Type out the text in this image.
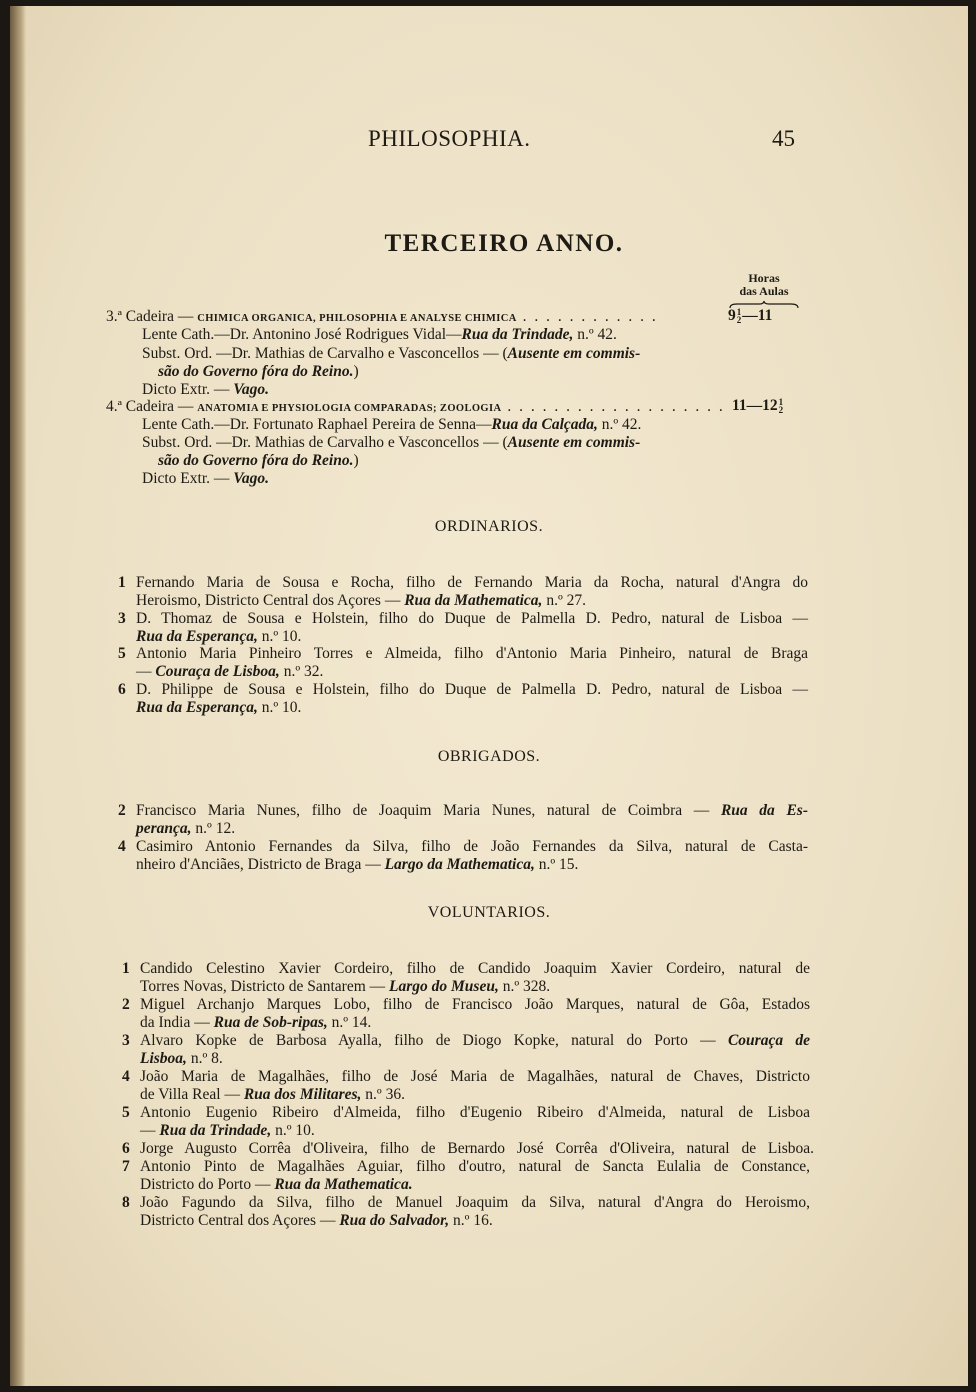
PHILOSOPHIA.	45
TERCEIRO ANNO.
Horas
das Aulas
3.ª Cadeira — CHIMICA ORGANICA, PHILOSOPHIA E ANALYSE CHIMICA . . . . . . . . . . . .	9 1
2 —11
Lente Cath.—Dr. Antonino José Rodrigues Vidal—Rua da Trindade, n.º 42.
Subst. Ord. —Dr. Mathias de Carvalho e Vasconcellos — (Ausente em commis-
são do Governo fóra do Reino.)
Dicto Extr. — Vago.
4.ª Cadeira — ANATOMIA E PHYSIOLOGIA COMPARADAS; ZOOLOGIA . . . . . . . . . . . . . . . . . . . 11—12 1
2
Lente Cath.—Dr. Fortunato Raphael Pereira de Senna—Rua da Calçada, n.º 42.
Subst. Ord. —Dr. Mathias de Carvalho e Vasconcellos — (Ausente em commis-
são do Governo fóra do Reino.)
Dicto Extr. — Vago.
ORDINARIOS.
1 Fernando Maria de Sousa e Rocha, filho de Fernando Maria da Rocha, natural d'Angra do
Heroismo, Districto Central dos Açores — Rua da Mathematica, n.º 27.
3 D. Thomaz de Sousa e Holstein, filho do Duque de Palmella D. Pedro, natural de Lisboa —
Rua da Esperança, n.º 10.
5 Antonio Maria Pinheiro Torres e Almeida, filho d'Antonio Maria Pinheiro, natural de Braga
— Couraça de Lisboa, n.º 32.
6 D. Philippe de Sousa e Holstein, filho do Duque de Palmella D. Pedro, natural de Lisboa —
Rua da Esperança, n.º 10.
OBRIGADOS.
2 Francisco Maria Nunes, filho de Joaquim Maria Nunes, natural de Coimbra — Rua da Es-
perança, n.º 12.
4 Casimiro Antonio Fernandes da Silva, filho de João Fernandes da Silva, natural de Casta-
nheiro d'Anciães, Districto de Braga — Largo da Mathematica, n.º 15.
VOLUNTARIOS.
1 Candido Celestino Xavier Cordeiro, filho de Candido Joaquim Xavier Cordeiro, natural de
Torres Novas, Districto de Santarem — Largo do Museu, n.º 328.
2 Miguel Archanjo Marques Lobo, filho de Francisco João Marques, natural de Gôa, Estados
da India — Rua de Sob-ripas, n.º 14.
3 Alvaro Kopke de Barbosa Ayalla, filho de Diogo Kopke, natural do Porto — Couraça de
Lisboa, n.º 8.
4 João Maria de Magalhães, filho de José Maria de Magalhães, natural de Chaves, Districto
de Villa Real — Rua dos Militares, n.º 36.
5 Antonio Eugenio Ribeiro d'Almeida, filho d'Eugenio Ribeiro d'Almeida, natural de Lisboa
— Rua da Trindade, n.º 10.
6 Jorge Augusto Corrêa d'Oliveira, filho de Bernardo José Corrêa d'Oliveira, natural de Lisboa.
7 Antonio Pinto de Magalhães Aguiar, filho d'outro, natural de Sancta Eulalia de Constance,
Districto do Porto — Rua da Mathematica.
8 João Fagundo da Silva, filho de Manuel Joaquim da Silva, natural d'Angra do Heroismo,
Districto Central dos Açores — Rua do Salvador, n.º 16.
